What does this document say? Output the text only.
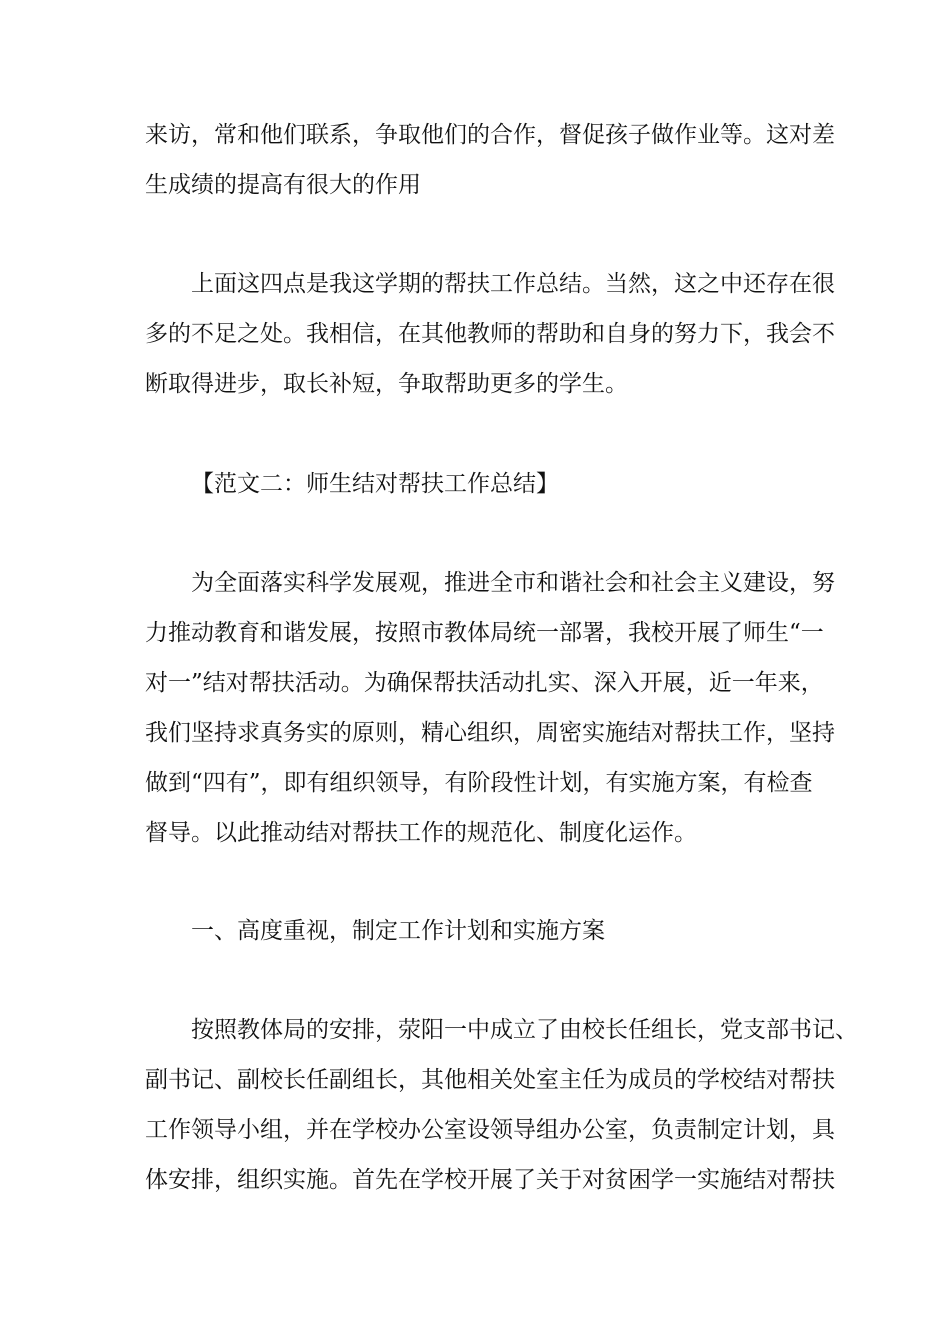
来访，常和他们联系，争取他们的合作，督促孩子做作业等。这对差
生成绩的提高有很大的作用
上面这四点是我这学期的帮扶工作总结。当然，这之中还存在很
多的不足之处。我相信，在其他教师的帮助和自身的努力下，我会不
断取得进步，取长补短，争取帮助更多的学生。
【范文二：师生结对帮扶工作总结】
为全面落实科学发展观，推进全市和谐社会和社会主义建设，努
力推动教育和谐发展，按照市教体局统一部署，我校开展了师生“一
对一”结对帮扶活动。为确保帮扶活动扎实、深入开展，近一年来，
我们坚持求真务实的原则，精心组织，周密实施结对帮扶工作，坚持
做到“四有”，即有组织领导，有阶段性计划，有实施方案，有检查
督导。以此推动结对帮扶工作的规范化、制度化运作。
一、高度重视，制定工作计划和实施方案
按照教体局的安排，荥阳一中成立了由校长任组长，党支部书记、
副书记、副校长任副组长，其他相关处室主任为成员的学校结对帮扶
工作领导小组，并在学校办公室设领导组办公室，负责制定计划，具
体安排，组织实施。首先在学校开展了关于对贫困学一实施结对帮扶
